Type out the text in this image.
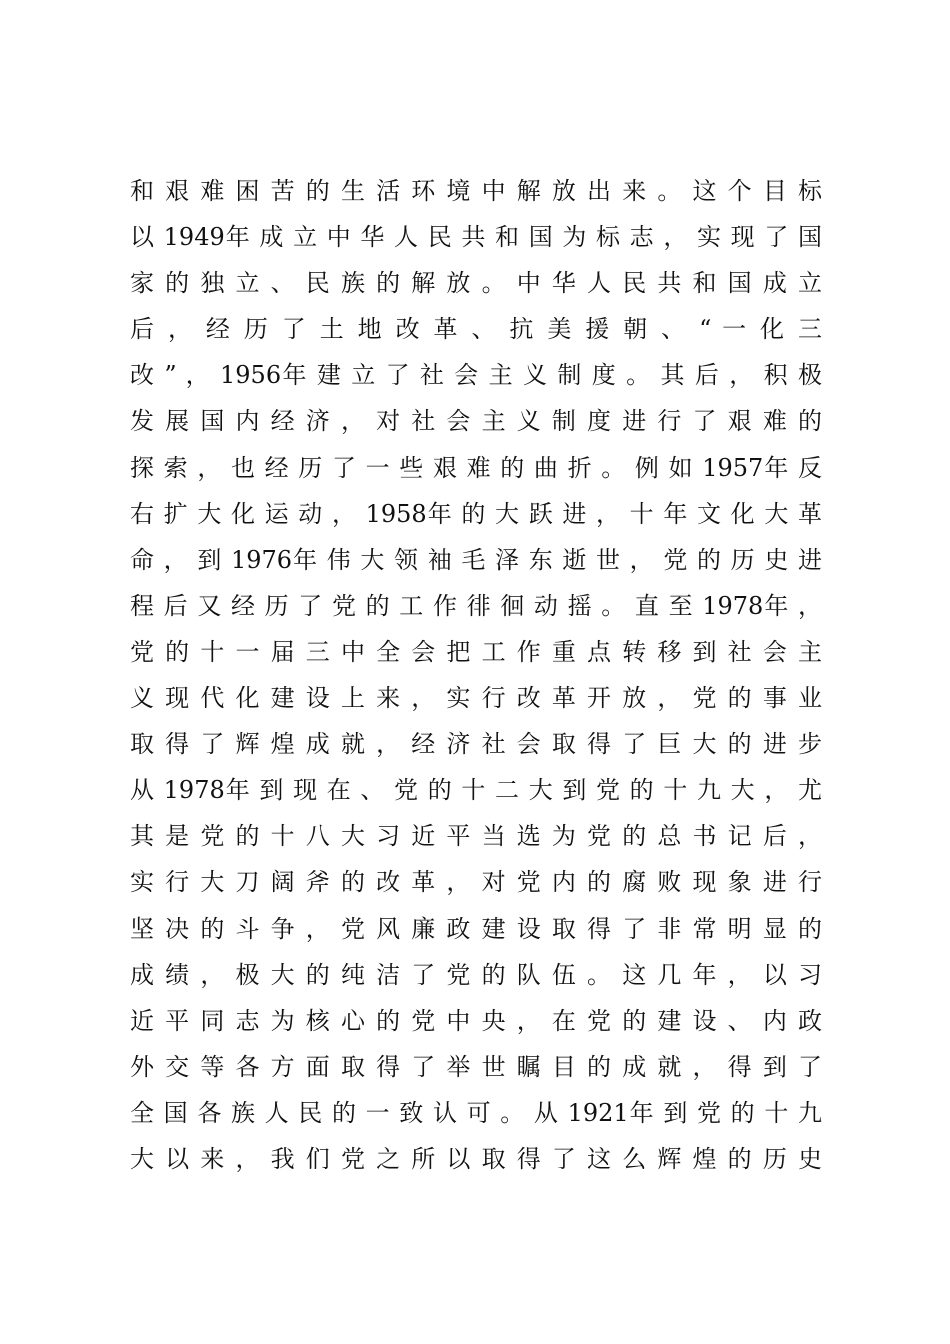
和 艰 难 困 苦 的 生 活 环 境 中 解 放 出 来 。 这 个 目 标
以 1949年 成 立 中 华 人 民 共 和 国 为 标 志 ， 实 现 了 国
家 的 独 立 、 民 族 的 解 放 。 中 华 人 民 共 和 国 成 立
后 ， 经 历 了 土 地 改 革 、 抗 美 援 朝 、 “ 一 化 三
改 ” ， 1956年 建 立 了 社 会 主 义 制 度 。 其 后 ， 积 极
发 展 国 内 经 济 ， 对 社 会 主 义 制 度 进 行 了 艰 难 的
探 索 ， 也 经 历 了 一 些 艰 难 的 曲 折 。 例 如 1957年 反
右 扩 大 化 运 动 ， 1958年 的 大 跃 进 ， 十 年 文 化 大 革
命 ， 到 1976年 伟 大 领 袖 毛 泽 东 逝 世 ， 党 的 历 史 进
程 后 又 经 历 了 党 的 工 作 徘 徊 动 摇 。 直 至 1978年 ，
党 的 十 一 届 三 中 全 会 把 工 作 重 点 转 移 到 社 会 主
义 现 代 化 建 设 上 来 ， 实 行 改 革 开 放 ， 党 的 事 业
取 得 了 辉 煌 成 就 ， 经 济 社 会 取 得 了 巨 大 的 进 步
从 1978年 到 现 在 、 党 的 十 二 大 到 党 的 十 九 大 ， 尤
其 是 党 的 十 八 大 习 近 平 当 选 为 党 的 总 书 记 后 ，
实 行 大 刀 阔 斧 的 改 革 ， 对 党 内 的 腐 败 现 象 进 行
坚 决 的 斗 争 ， 党 风 廉 政 建 设 取 得 了 非 常 明 显 的
成 绩 ， 极 大 的 纯 洁 了 党 的 队 伍 。 这 几 年 ， 以 习
近 平 同 志 为 核 心 的 党 中 央 ， 在 党 的 建 设 、 内 政
外 交 等 各 方 面 取 得 了 举 世 瞩 目 的 成 就 ， 得 到 了
全 国 各 族 人 民 的 一 致 认 可 。 从 1921年 到 党 的 十 九
大 以 来 ， 我 们 党 之 所 以 取 得 了 这 么 辉 煌 的 历 史
